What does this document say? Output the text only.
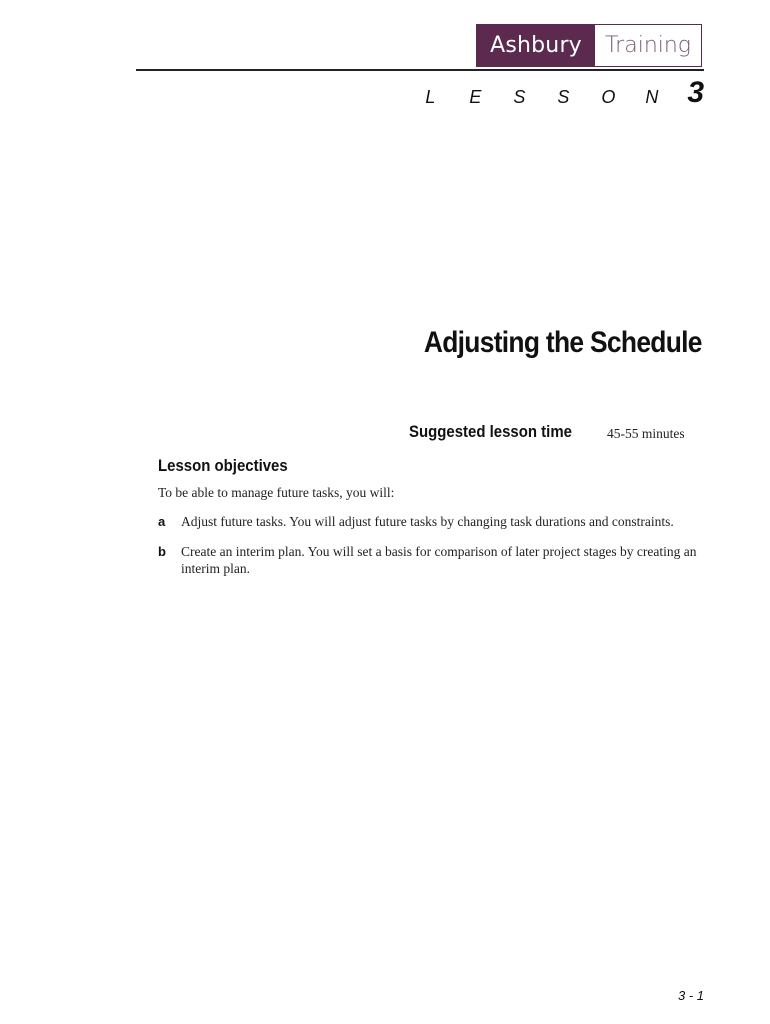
Ashbury	Training
L	E	S	S	O	N 3
Adjusting the Schedule
Suggested lesson time	45-55 minutes
Lesson objectives
To be able to manage future tasks, you will:
a	Adjust future tasks. You will adjust future tasks by changing task durations and constraints.
b	Create an interim plan. You will set a basis for comparison of later project stages by creating an interim plan.
3 - 1
